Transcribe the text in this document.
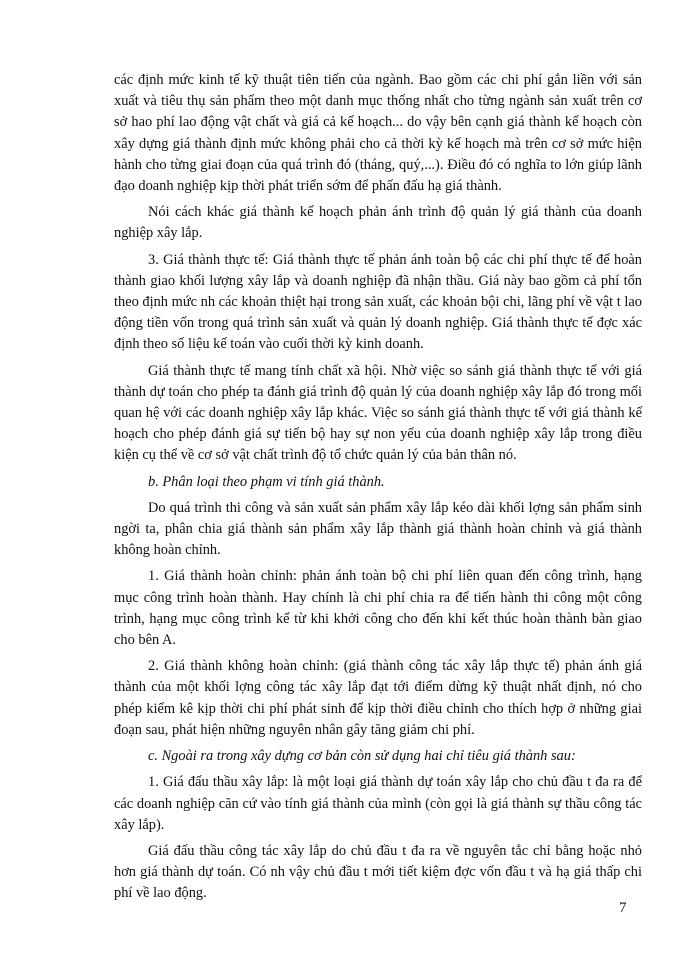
các định mức kinh tế kỹ thuật tiên tiến của ngành. Bao gồm các chi phí gắn liền với sản xuất và tiêu thụ sản phẩm theo một danh mục thống nhất cho từng ngành sản xuất trên cơ sở hao phí lao động vật chất và giá cả kế hoạch... do vậy bên cạnh giá thành kế hoạch còn xây dựng giá thành định mức không phải cho cả thời kỳ kế hoạch mà trên cơ sở mức hiện hành cho từng giai đoạn của quá trình đó (tháng, quý,...). Điều đó có nghĩa to lớn giúp lãnh đạo doanh nghiệp kịp thời phát triển sớm để phấn đấu hạ giá thành.

Nói cách khác giá thành kế hoạch phản ánh trình độ quản lý giá thành của doanh nghiệp xây lắp.

3. Giá thành thực tế: Giá thành thực tế phản ánh toàn bộ các chi phí thực tế để hoàn thành giao khối lượng xây lắp và doanh nghiệp đã nhận thầu. Giá này bao gồm cả phí tổn theo định mức nh các khoản thiệt hại trong sản xuất, các khoản bội chi, lãng phí về vật t lao động tiền vốn trong quá trình sản xuất và quản lý doanh nghiệp. Giá thành thực tế đợc xác định theo số liệu kế toán vào cuối thời kỳ kinh doanh.

Giá thành thực tế mang tính chất xã hội. Nhờ việc so sánh giá thành thực tế với giá thành dự toán cho phép ta đánh giá trình độ quản lý của doanh nghiệp xây lắp đó trong mối quan hệ với các doanh nghiệp xây lắp khác. Việc so sánh giá thành thực tế với giá thành kế hoạch cho phép đánh giá sự tiến bộ hay sự non yếu của doanh nghiệp xây lắp trong điều kiện cụ thể về cơ sở vật chất trình độ tổ chức quản lý của bản thân nó.

b. Phân loại theo phạm vi tính giá thành.

Do quá trình thi công và sản xuất sản phẩm xây lắp kéo dài khối lợng sản phẩm sinh ngời ta, phân chia giá thành sản phẩm xây lắp thành giá thành hoàn chỉnh và giá thành không hoàn chỉnh.

1. Giá thành hoàn chỉnh: phản ánh toàn bộ chi phí liên quan đến công trình, hạng mục công trình hoàn thành. Hay chính là chi phí chia ra để tiến hành thi công một công trình, hạng mục công trình kể từ khi khởi công cho đến khi kết thúc hoàn thành bàn giao cho bên A.

2. Giá thành không hoàn chỉnh: (giá thành công tác xây lắp thực tế) phản ánh giá thành của một khối lợng công tác xây lắp đạt tới điểm dừng kỹ thuật nhất định, nó cho phép kiểm kê kịp thời chi phí phát sinh để kịp thời điều chỉnh cho thích hợp ở những giai đoạn sau, phát hiện những nguyên nhân gây tăng giảm chi phí.

c. Ngoài ra trong xây dựng cơ bản còn sử dụng hai chỉ tiêu giá thành sau:

1. Giá đấu thầu xây lắp: là một loại giá thành dự toán xây lắp cho chủ đầu t đa ra để các doanh nghiệp căn cứ vào tính giá thành của mình (còn gọi là giá thành sự thầu công tác xây lắp).

Giá đấu thầu công tác xây lắp do chủ đầu t đa ra về nguyên tắc chỉ bằng hoặc nhỏ hơn giá thành dự toán. Có nh vậy chủ đầu t mới tiết kiệm đợc vốn đầu t và hạ giá thấp chi phí về lao động.

7
